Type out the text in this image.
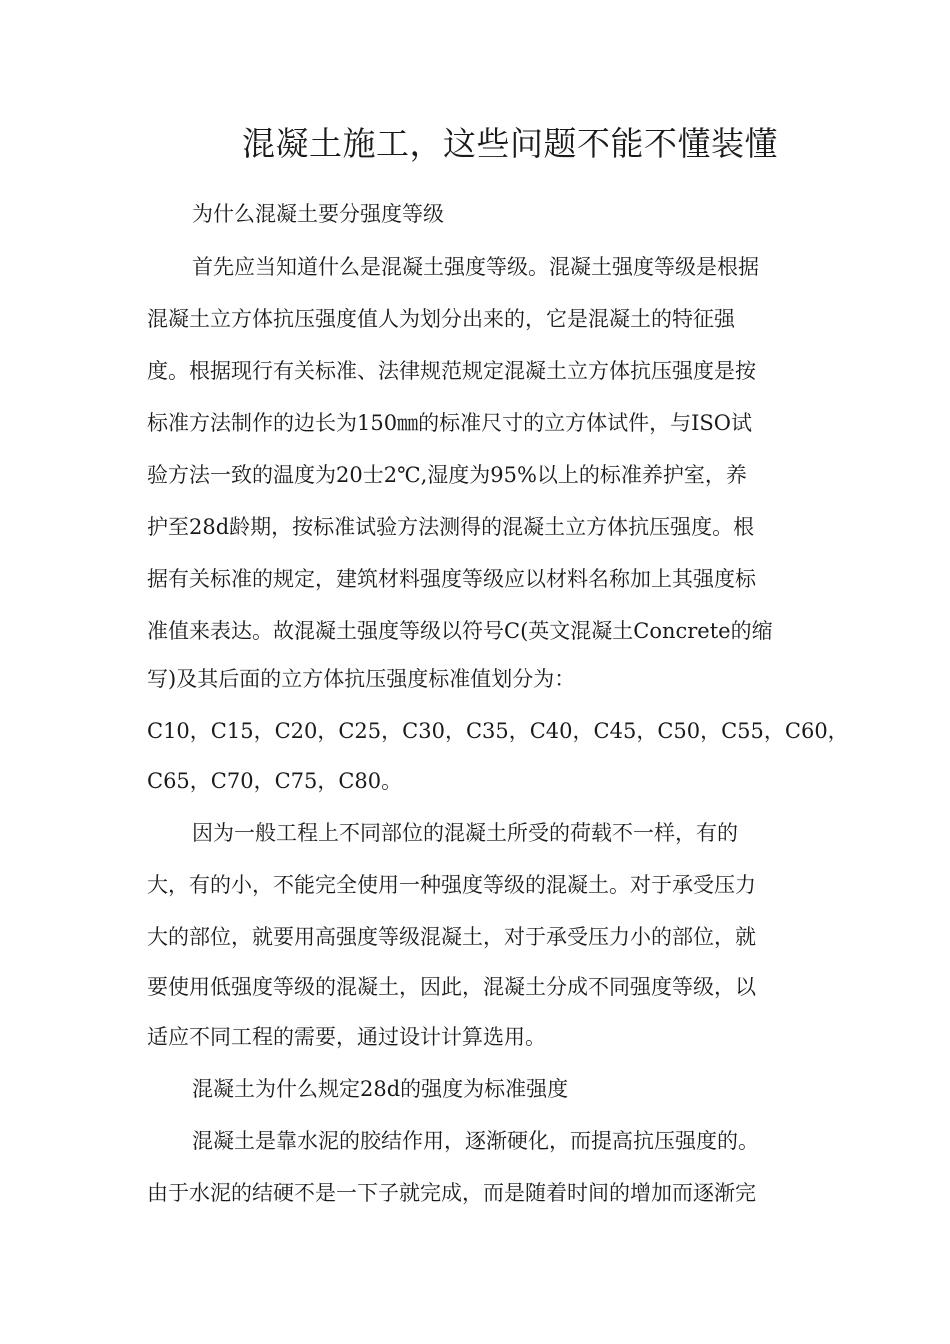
混凝土施工，这些问题不能不懂装懂

为什么混凝土要分强度等级

首先应当知道什么是混凝土强度等级。混凝土强度等级是根据

混凝土立方体抗压强度值人为划分出来的，它是混凝土的特征强

度。根据现行有关标准、法律规范规定混凝土立方体抗压强度是按

标准方法制作的边长为150㎜的标准尺寸的立方体试件，与ISO试

验方法一致的温度为20士2℃,湿度为95%以上的标准养护室，养

护至28d龄期，按标准试验方法测得的混凝土立方体抗压强度。根

据有关标准的规定，建筑材料强度等级应以材料名称加上其强度标

准值来表达。故混凝土强度等级以符号C(英文混凝土Concrete的缩

写)及其后面的立方体抗压强度标准值划分为：

C10，C15，C20，C25，C30，C35，C40，C45，C50，C55，C60，

C65，C70，C75，C80。

因为一般工程上不同部位的混凝土所受的荷载不一样，有的

大，有的小，不能完全使用一种强度等级的混凝土。对于承受压力

大的部位，就要用高强度等级混凝土，对于承受压力小的部位，就

要使用低强度等级的混凝土，因此，混凝土分成不同强度等级，以

适应不同工程的需要，通过设计计算选用。

混凝土为什么规定28d的强度为标准强度

混凝土是靠水泥的胶结作用，逐渐硬化，而提高抗压强度的。

由于水泥的结硬不是一下子就完成，而是随着时间的增加而逐渐完
